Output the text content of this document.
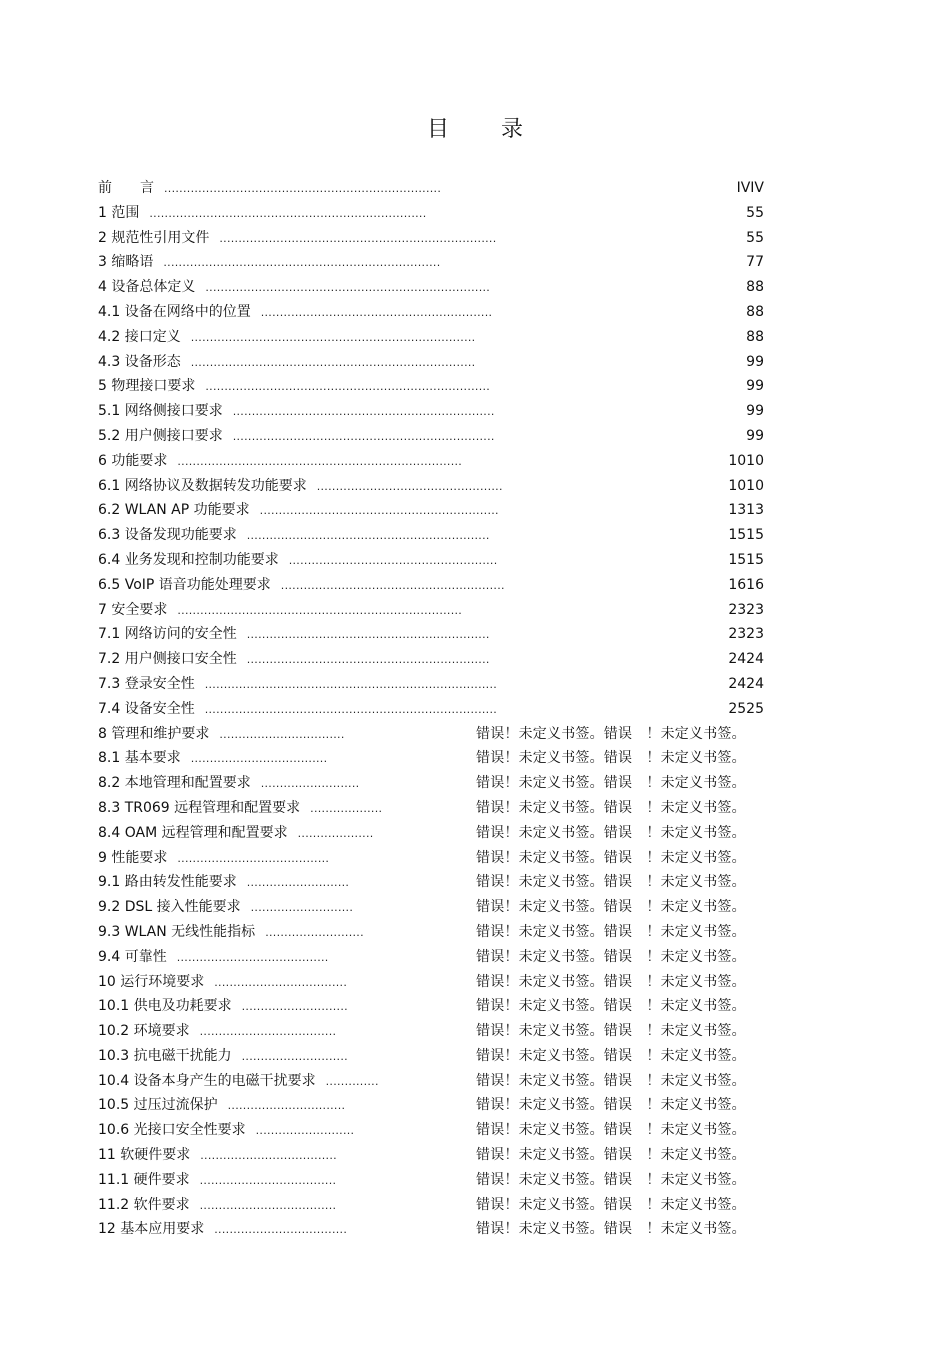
目 录
前　　言 .........................................................................	IVIV
1 范围 .........................................................................	55
2 规范性引用文件 .........................................................................	55
3 缩略语 .........................................................................	77
4 设备总体定义 ...........................................................................	88
4.1 设备在网络中的位置 .............................................................	88
4.2 接口定义 ...........................................................................	88
4.3 设备形态 ...........................................................................	99
5 物理接口要求 ...........................................................................	99
5.1 网络侧接口要求 .....................................................................	99
5.2 用户侧接口要求 .....................................................................	99
6 功能要求 ...........................................................................	1010
6.1 网络协议及数据转发功能要求 .................................................	1010
6.2 WLAN AP 功能要求 ...............................................................	1313
6.3 设备发现功能要求 ................................................................	1515
6.4 业务发现和控制功能要求 .......................................................	1515
6.5 VoIP 语音功能处理要求 ...........................................................	1616
7 安全要求 ...........................................................................	2323
7.1 网络访问的安全性 ................................................................	2323
7.2 用户侧接口安全性 ................................................................	2424
7.3 登录安全性 .............................................................................	2424
7.4 设备安全性 .............................................................................	2525
8 管理和维护要求 .................................	错误！未定义书签。错误　！未定义书签。
8.1 基本要求 ....................................	错误！未定义书签。错误　！未定义书签。
8.2 本地管理和配置要求 ..........................	错误！未定义书签。错误　！未定义书签。
8.3 TR069 远程管理和配置要求 ...................	错误！未定义书签。错误　！未定义书签。
8.4 OAM 远程管理和配置要求 ....................	错误！未定义书签。错误　！未定义书签。
9 性能要求 ........................................	错误！未定义书签。错误　！未定义书签。
9.1 路由转发性能要求 ...........................	错误！未定义书签。错误　！未定义书签。
9.2 DSL 接入性能要求 ...........................	错误！未定义书签。错误　！未定义书签。
9.3 WLAN 无线性能指标 ..........................	错误！未定义书签。错误　！未定义书签。
9.4 可靠性 ........................................	错误！未定义书签。错误　！未定义书签。
10 运行环境要求 ...................................	错误！未定义书签。错误　！未定义书签。
10.1 供电及功耗要求 ............................	错误！未定义书签。错误　！未定义书签。
10.2 环境要求 ....................................	错误！未定义书签。错误　！未定义书签。
10.3 抗电磁干扰能力 ............................	错误！未定义书签。错误　！未定义书签。
10.4 设备本身产生的电磁干扰要求 ..............	错误！未定义书签。错误　！未定义书签。
10.5 过压过流保护 ...............................	错误！未定义书签。错误　！未定义书签。
10.6 光接口安全性要求 ..........................	错误！未定义书签。错误　！未定义书签。
11 软硬件要求 ....................................	错误！未定义书签。错误　！未定义书签。
11.1 硬件要求 ....................................	错误！未定义书签。错误　！未定义书签。
11.2 软件要求 ....................................	错误！未定义书签。错误　！未定义书签。
12 基本应用要求 ...................................	错误！未定义书签。错误　！未定义书签。
